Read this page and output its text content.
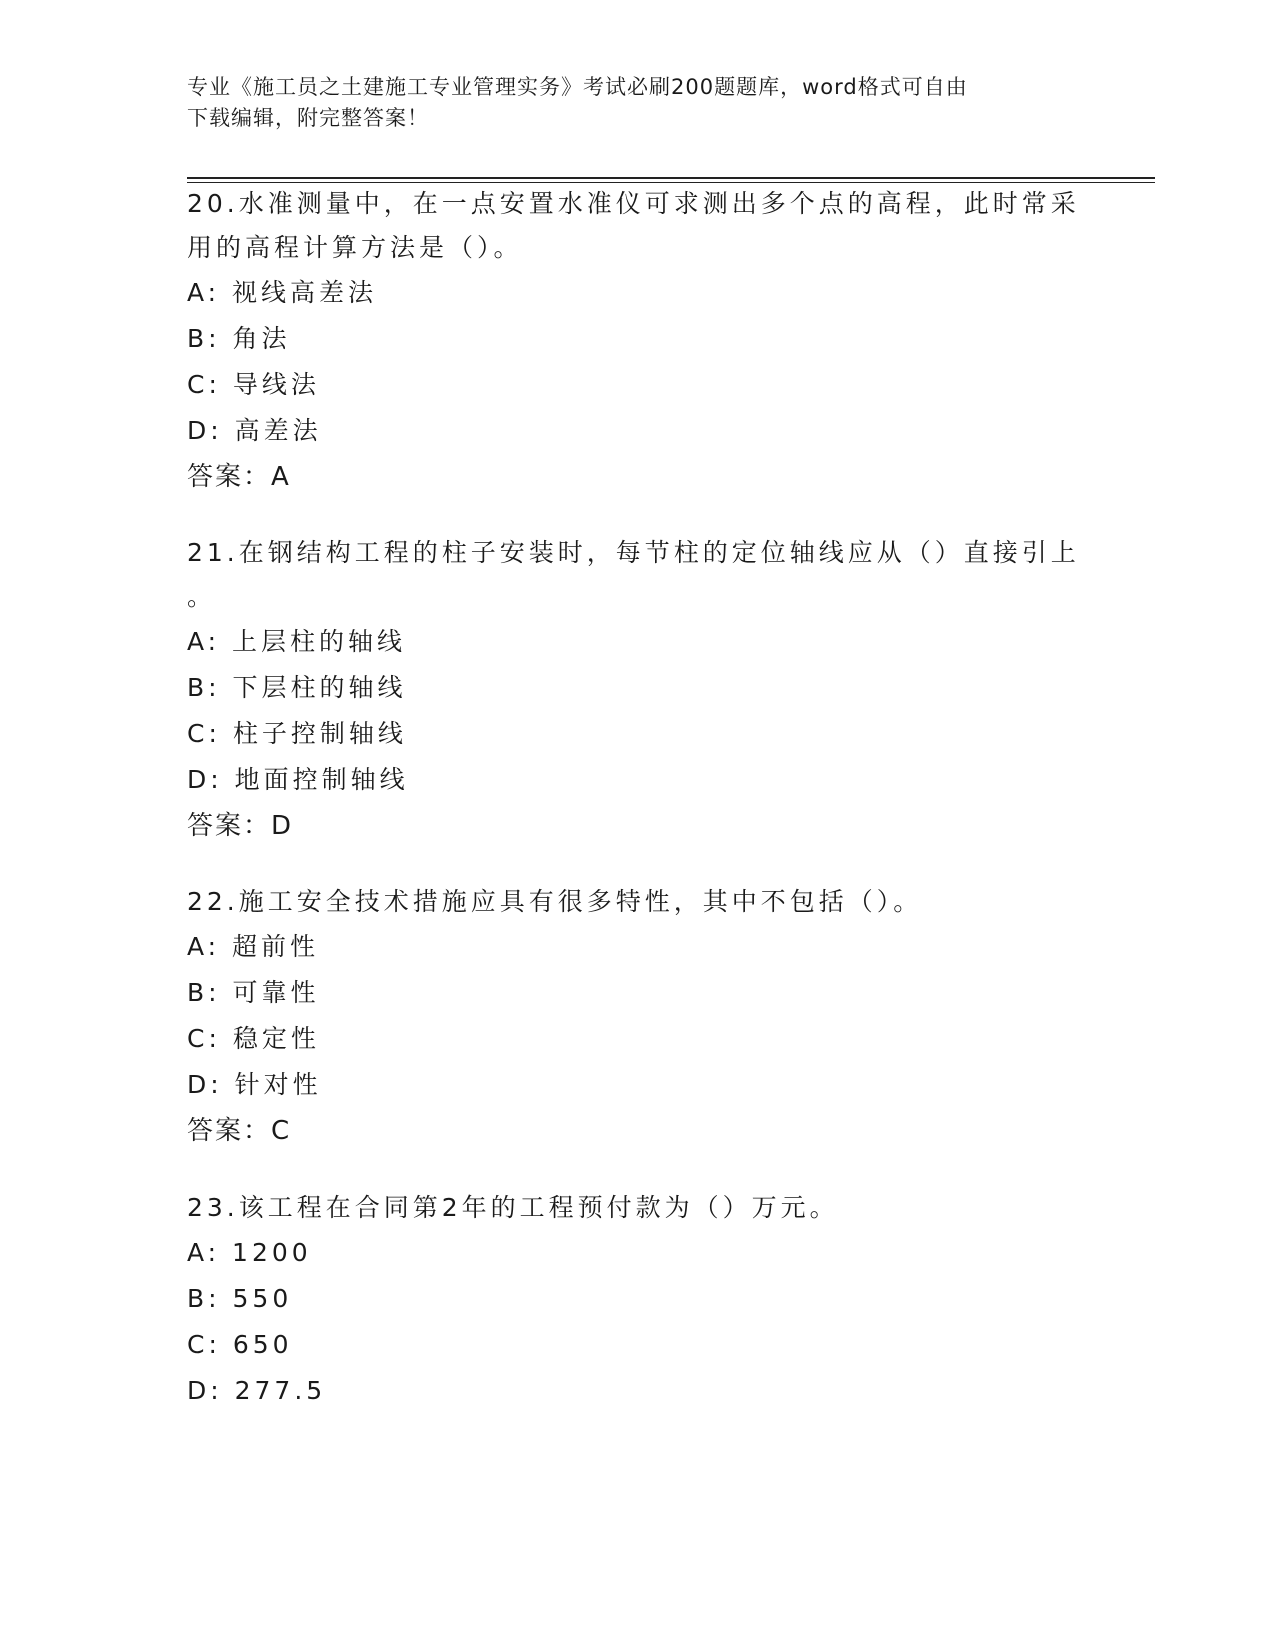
专业《施工员之土建施工专业管理实务》考试必刷200题题库，word格式可自由
下载编辑，附完整答案！
20.水准测量中，在一点安置水准仪可求测出多个点的高程，此时常采
用的高程计算方法是（）。
A: 视线高差法
B: 角法
C: 导线法
D: 高差法
答案：A
21.在钢结构工程的柱子安装时，每节柱的定位轴线应从（）直接引上
。
A: 上层柱的轴线
B: 下层柱的轴线
C: 柱子控制轴线
D: 地面控制轴线
答案：D
22.施工安全技术措施应具有很多特性，其中不包括（）。
A: 超前性
B: 可靠性
C: 稳定性
D: 针对性
答案：C
23.该工程在合同第2年的工程预付款为（）万元。
A: 1200
B: 550
C: 650
D: 277.5
